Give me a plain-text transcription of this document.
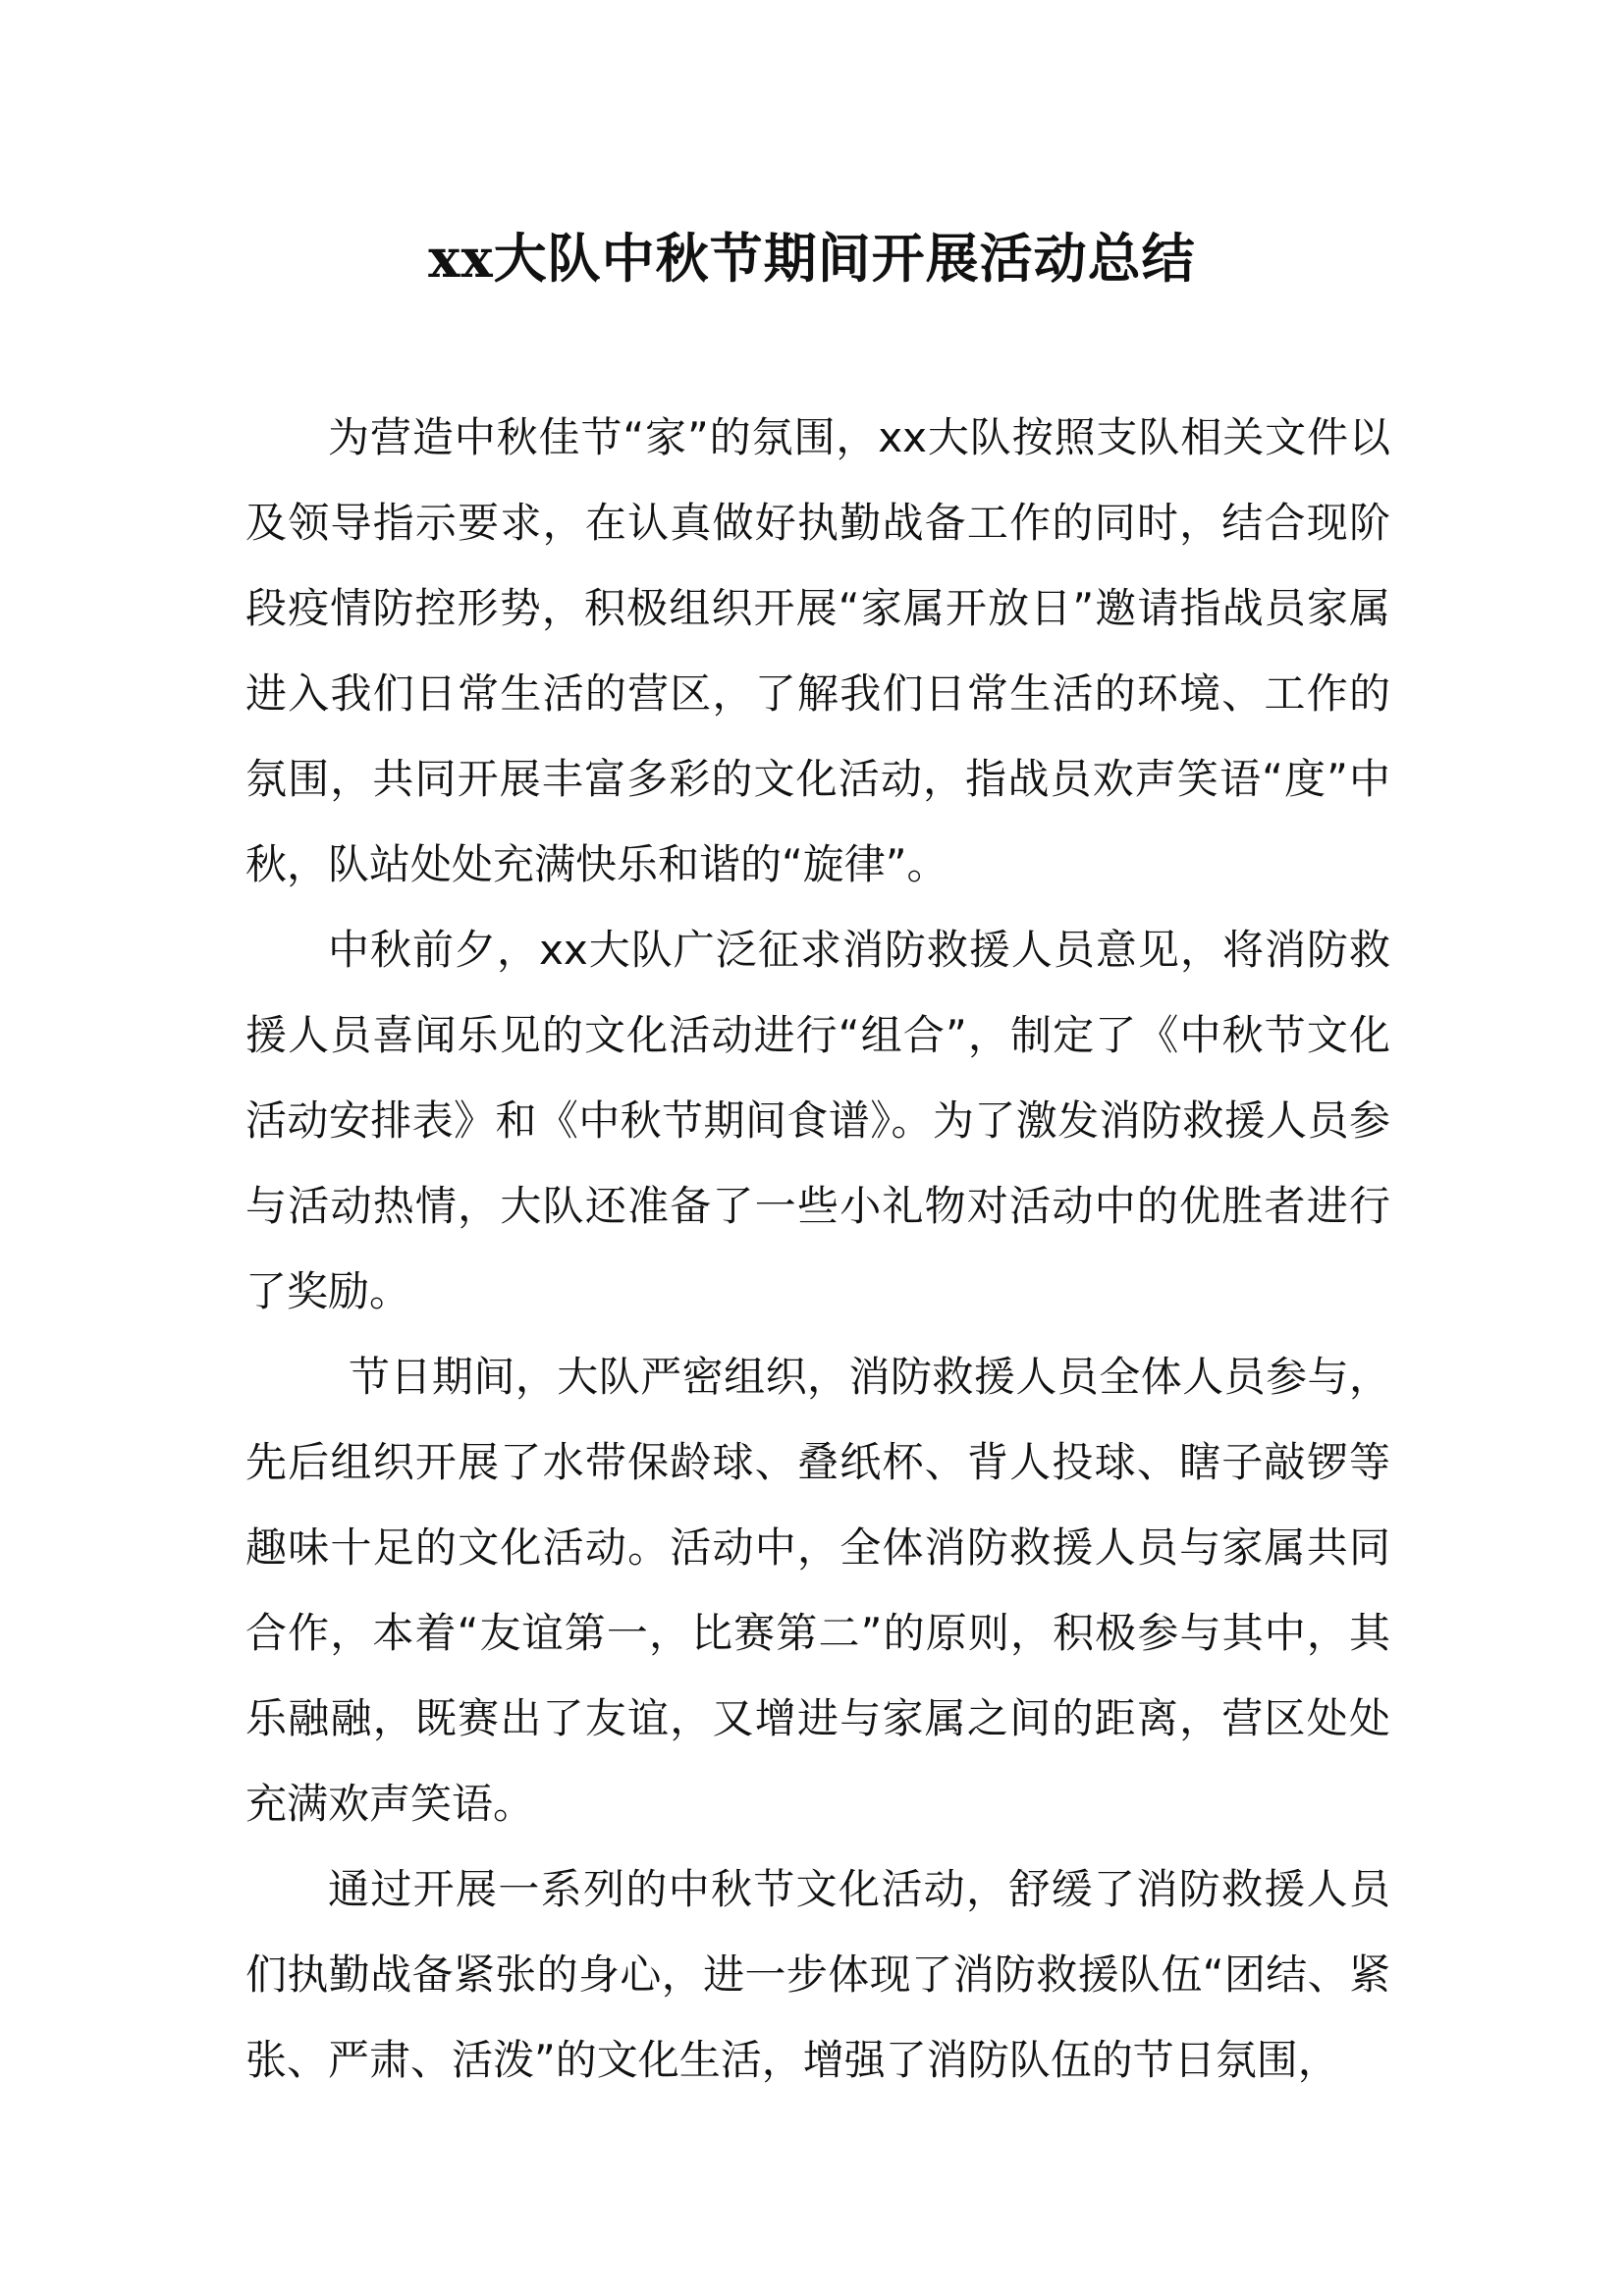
xx大队中秋节期间开展活动总结

为营造中秋佳节“家”的氛围，xx大队按照支队相关文件以及领导指示要求，在认真做好执勤战备工作的同时，结合现阶段疫情防控形势，积极组织开展“家属开放日”邀请指战员家属进入我们日常生活的营区，了解我们日常生活的环境、工作的氛围，共同开展丰富多彩的文化活动，指战员欢声笑语“度”中秋，队站处处充满快乐和谐的“旋律”。

中秋前夕，xx大队广泛征求消防救援人员意见，将消防救援人员喜闻乐见的文化活动进行“组合”，制定了《中秋节文化活动安排表》和《中秋节期间食谱》。为了激发消防救援人员参与活动热情，大队还准备了一些小礼物对活动中的优胜者进行了奖励。

节日期间，大队严密组织，消防救援人员全体人员参与，先后组织开展了水带保龄球、叠纸杯、背人投球、瞎子敲锣等趣味十足的文化活动。活动中，全体消防救援人员与家属共同合作，本着“友谊第一，比赛第二”的原则，积极参与其中，其乐融融，既赛出了友谊，又增进与家属之间的距离，营区处处充满欢声笑语。

通过开展一系列的中秋节文化活动，舒缓了消防救援人员们执勤战备紧张的身心，进一步体现了消防救援队伍“团结、紧张、严肃、活泼”的文化生活，增强了消防队伍的节日氛围，
